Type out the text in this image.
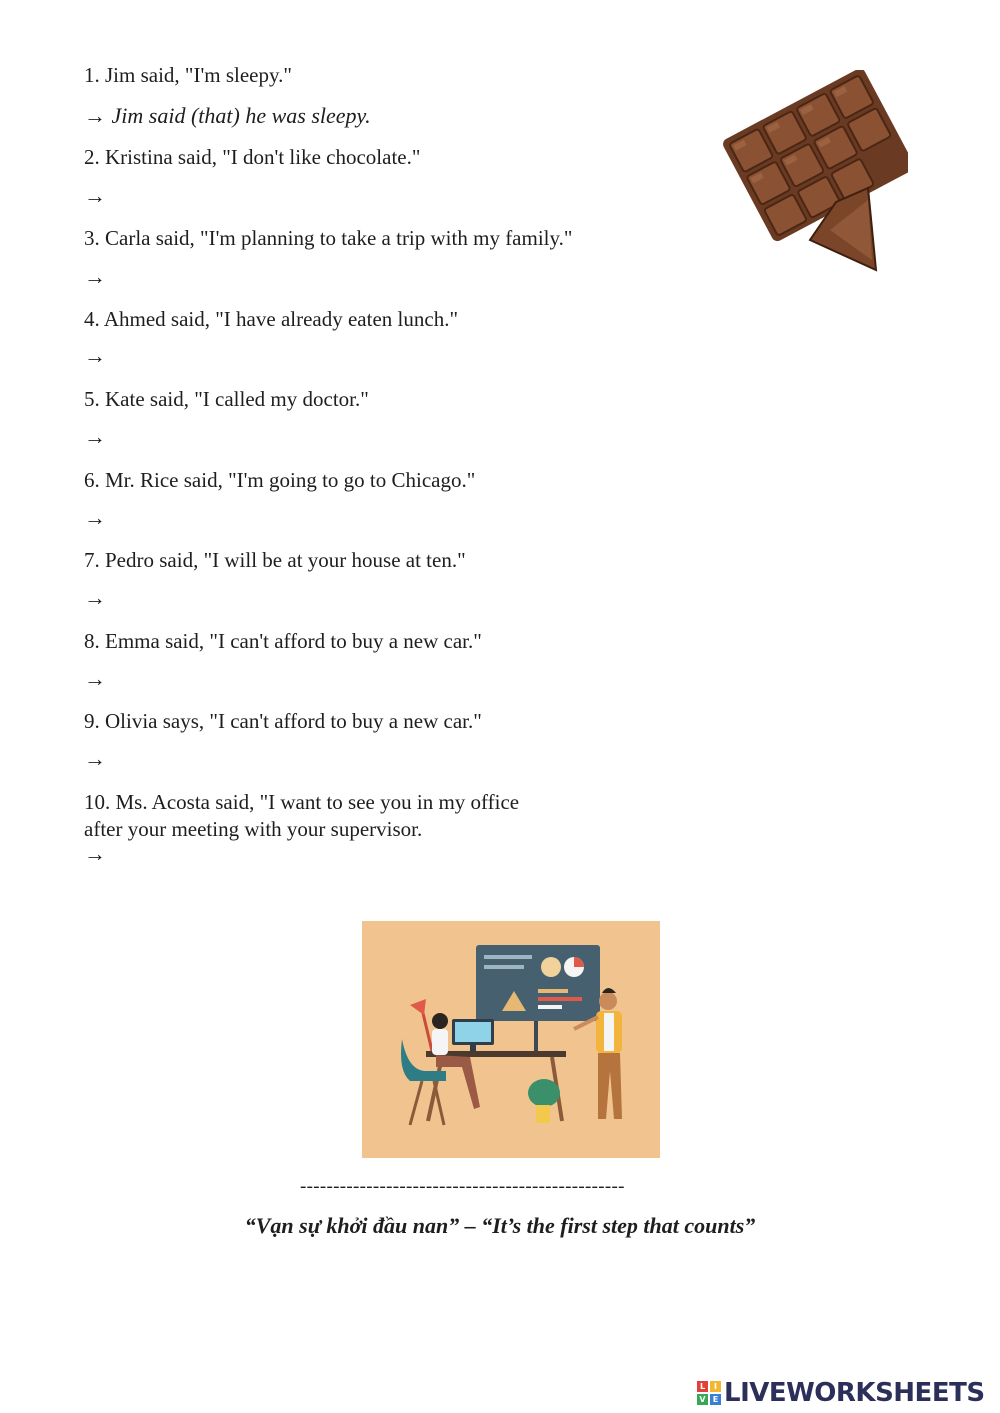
1. Jim said, "I'm sleepy."
→ Jim said (that) he was sleepy.
2. Kristina said, "I don't like chocolate."
→
3. Carla said, "I'm planning to take a trip with my family."
→
4. Ahmed said, "I have already eaten lunch."
→
5. Kate said, "I called my doctor."
→
6. Mr. Rice said, "I'm going to go to Chicago."
→
7. Pedro said, "I will be at your house at ten."
→
8. Emma said, "I can't afford to buy a new car."
→
9. Olivia says, "I can't afford to buy a new car."
→
10. Ms. Acosta said, "I want to see you in my office
after your meeting with your supervisor.
→
-------------------------------------------------
“Vạn sự khởi đầu nan” – “It’s the first step that counts”
L	I
V E LIVEWORKSHEETS
